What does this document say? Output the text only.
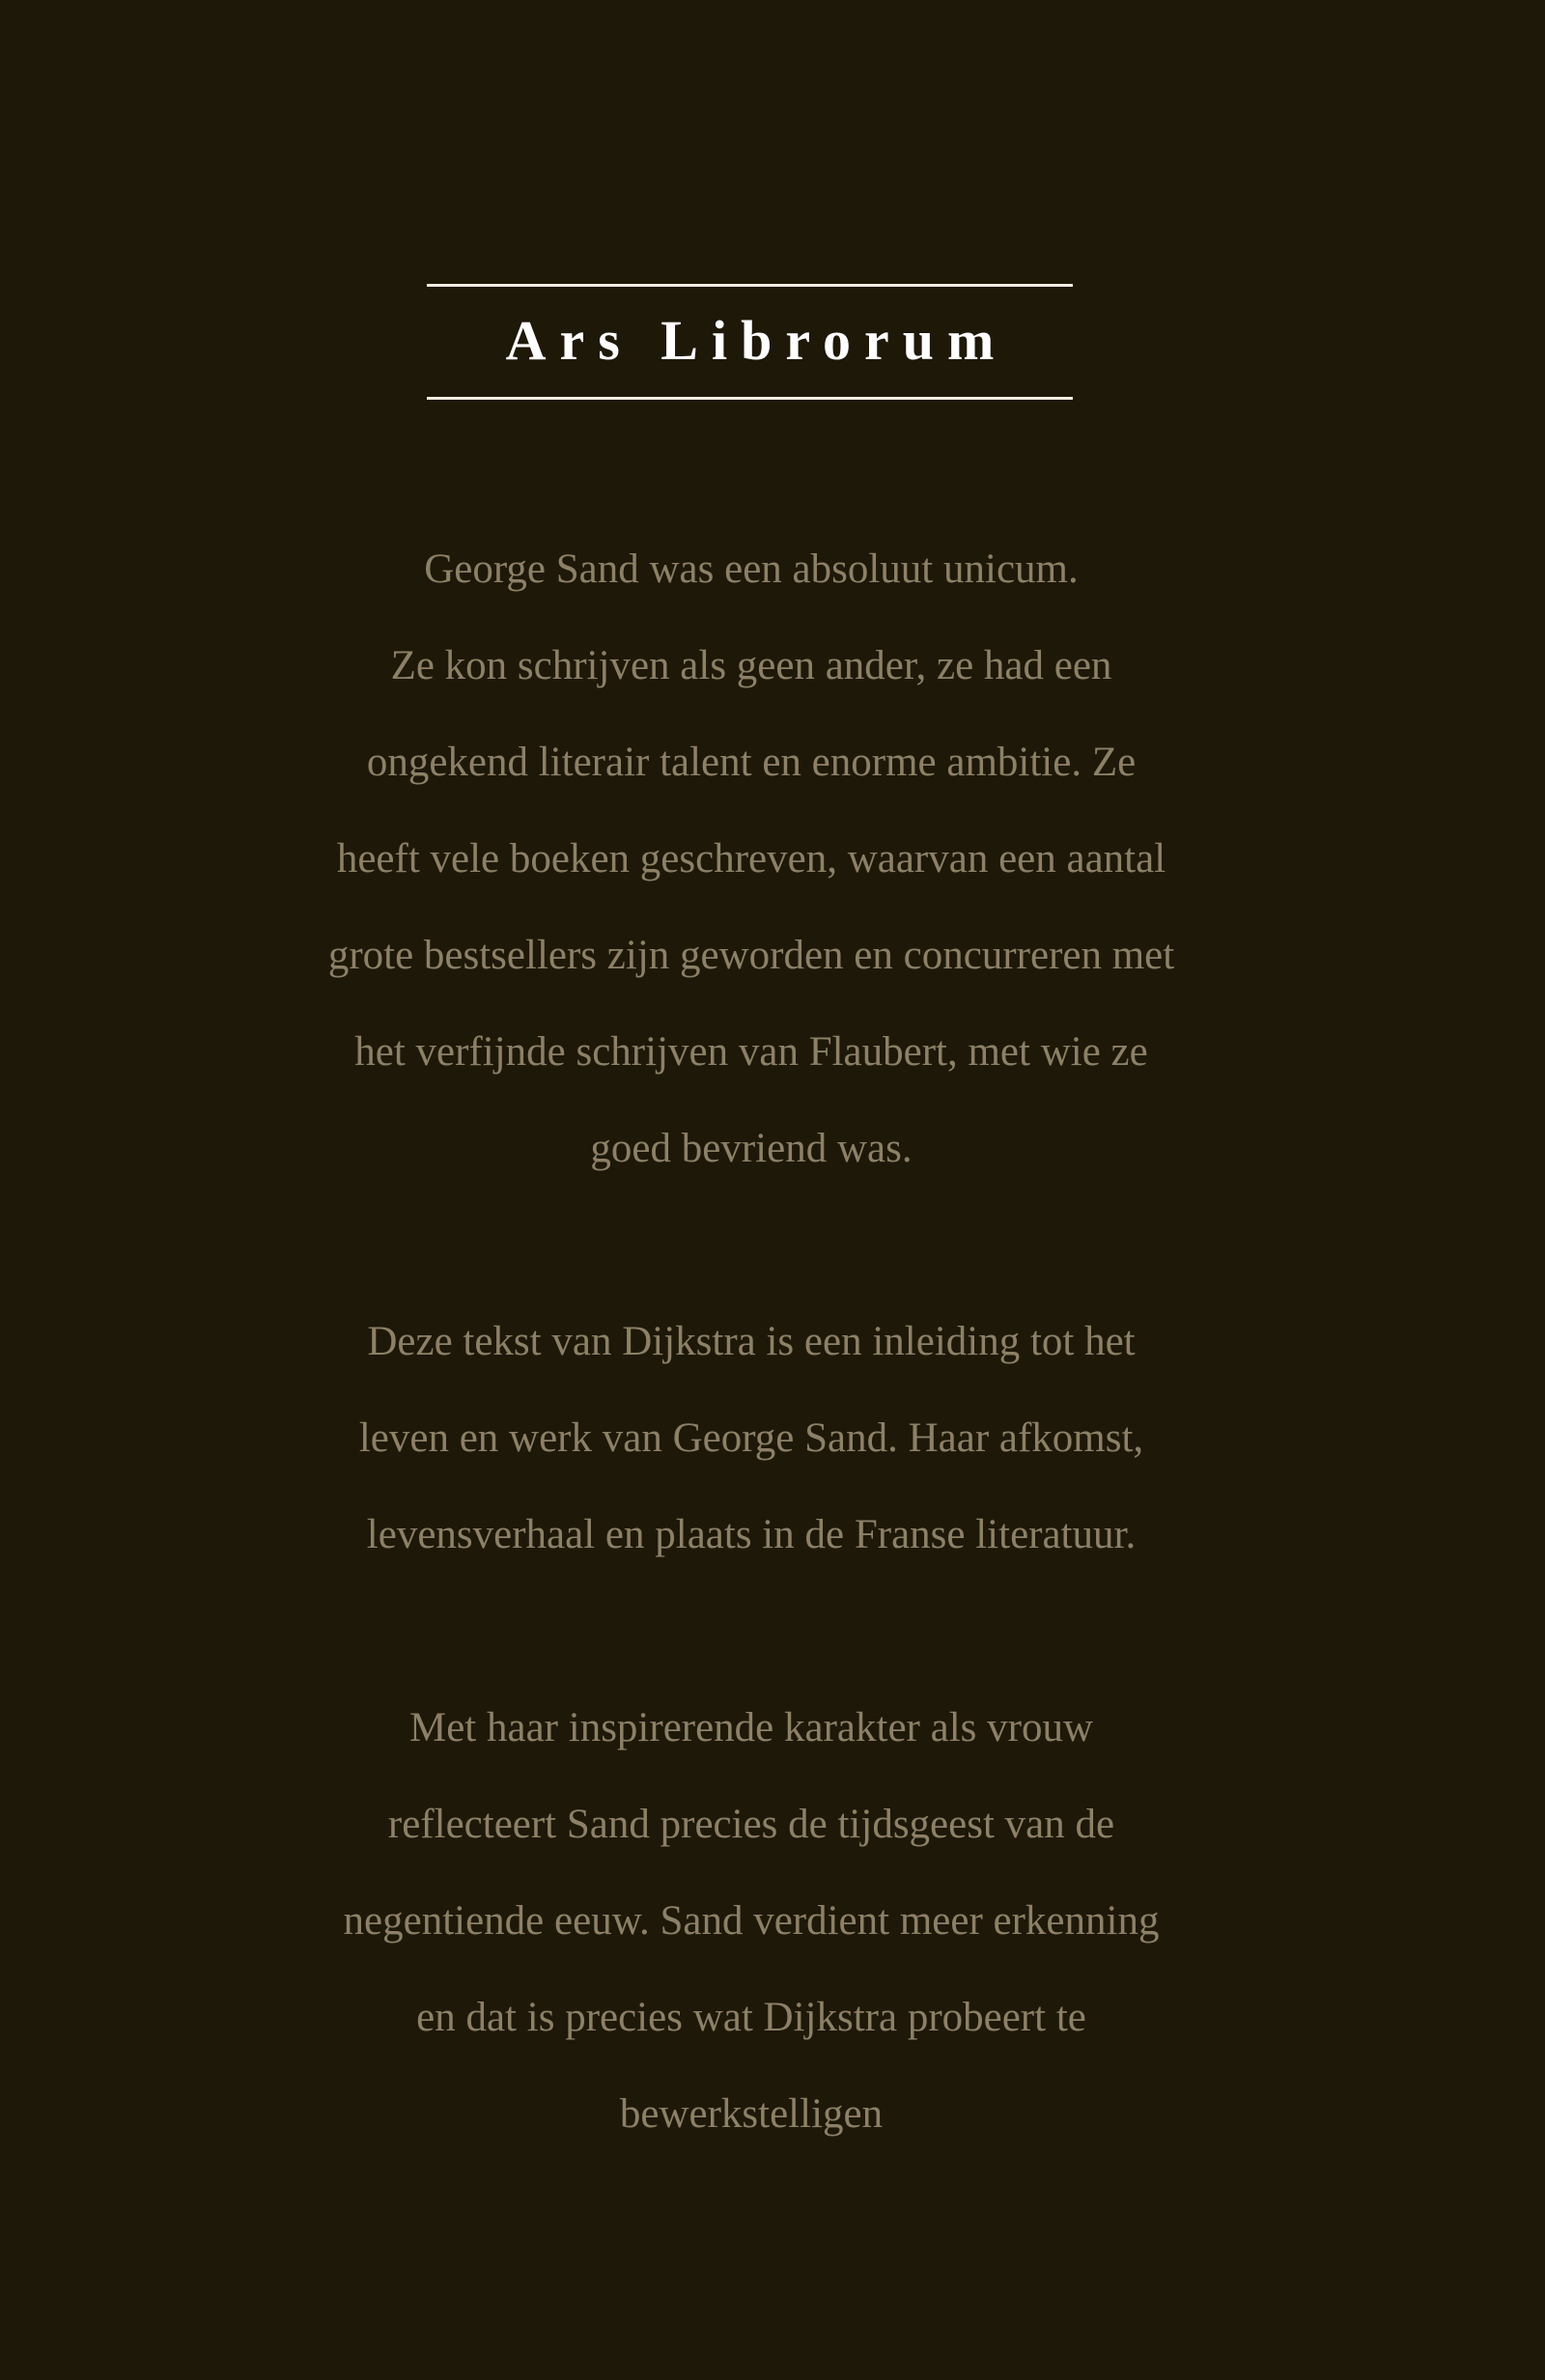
Ars Librorum
George Sand was een absoluut unicum.
Ze kon schrijven als geen ander, ze had een
ongekend literair talent en enorme ambitie. Ze
heeft vele boeken geschreven, waarvan een aantal
grote bestsellers zijn geworden en concurreren met
het verfijnde schrijven van Flaubert, met wie ze
goed bevriend was.
Deze tekst van Dijkstra is een inleiding tot het
leven en werk van George Sand. Haar afkomst,
levensverhaal en plaats in de Franse literatuur.
Met haar inspirerende karakter als vrouw
reflecteert Sand precies de tijdsgeest van de
negentiende eeuw. Sand verdient meer erkenning
en dat is precies wat Dijkstra probeert te
bewerkstelligen
